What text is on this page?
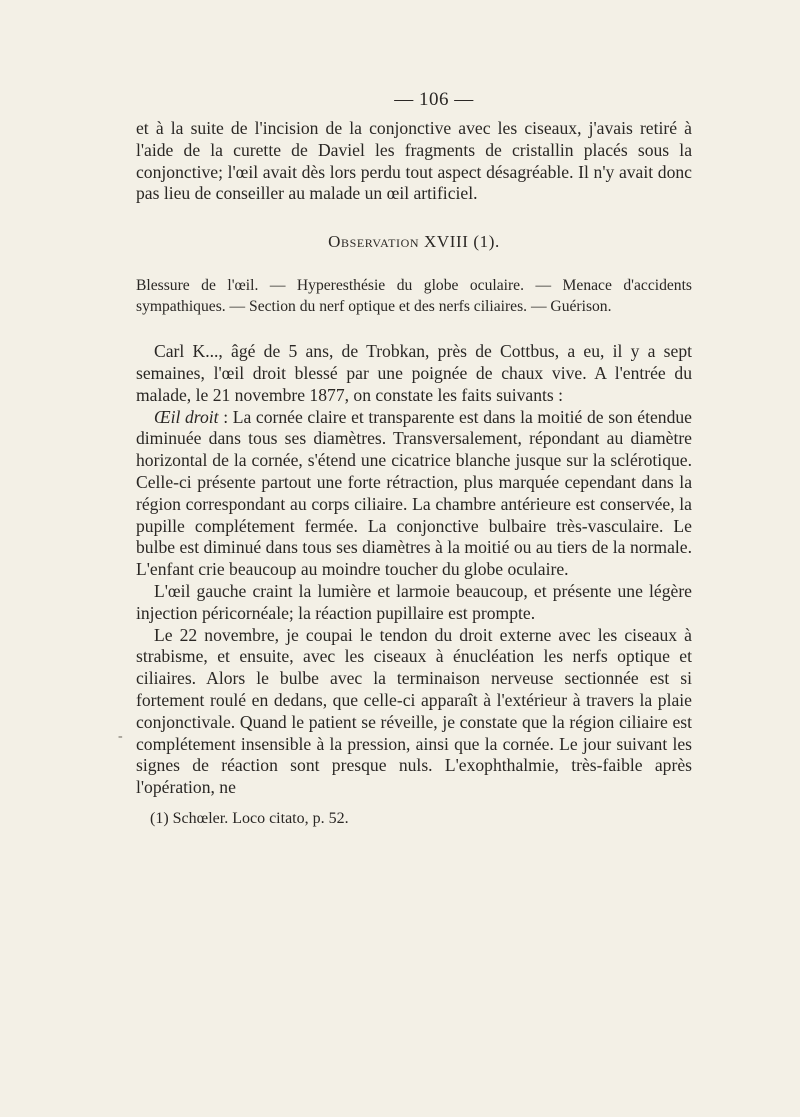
— 106 —

et à la suite de l'incision de la conjonctive avec les ciseaux, j'avais retiré à l'aide de la curette de Daviel les fragments de cristallin placés sous la conjonctive; l'œil avait dès lors perdu tout aspect désagréable. Il n'y avait donc pas lieu de conseiller au malade un œil artificiel.

Observation XVIII (1).

Blessure de l'œil. — Hyperesthésie du globe oculaire. — Menace d'accidents sympathiques. — Section du nerf optique et des nerfs ciliaires. — Guérison.

Carl K..., âgé de 5 ans, de Trobkan, près de Cottbus, a eu, il y a sept semaines, l'œil droit blessé par une poignée de chaux vive. A l'entrée du malade, le 21 novembre 1877, on constate les faits suivants :

Œil droit : La cornée claire et transparente est dans la moitié de son étendue diminuée dans tous ses diamètres. Transversalement, répondant au diamètre horizontal de la cornée, s'étend une cicatrice blanche jusque sur la sclérotique. Celle-ci présente partout une forte rétraction, plus marquée cependant dans la région correspondant au corps ciliaire. La chambre antérieure est conservée, la pupille complétement fermée. La conjonctive bulbaire très-vasculaire. Le bulbe est diminué dans tous ses diamètres à la moitié ou au tiers de la normale. L'enfant crie beaucoup au moindre toucher du globe oculaire.

L'œil gauche craint la lumière et larmoie beaucoup, et présente une légère injection péricornéale; la réaction pupillaire est prompte.

Le 22 novembre, je coupai le tendon du droit externe avec les ciseaux à strabisme, et ensuite, avec les ciseaux à énucléation les nerfs optique et ciliaires. Alors le bulbe avec la terminaison nerveuse sectionnée est si fortement roulé en dedans, que celle-ci apparaît à l'extérieur à travers la plaie conjonctivale. Quand le patient se réveille, je constate que la région ciliaire est complétement insensible à la pression, ainsi que la cornée. Le jour suivant les signes de réaction sont presque nuls. L'exophthalmie, très-faible après l'opération, ne

(1) Schœler. Loco citato, p. 52.
-
